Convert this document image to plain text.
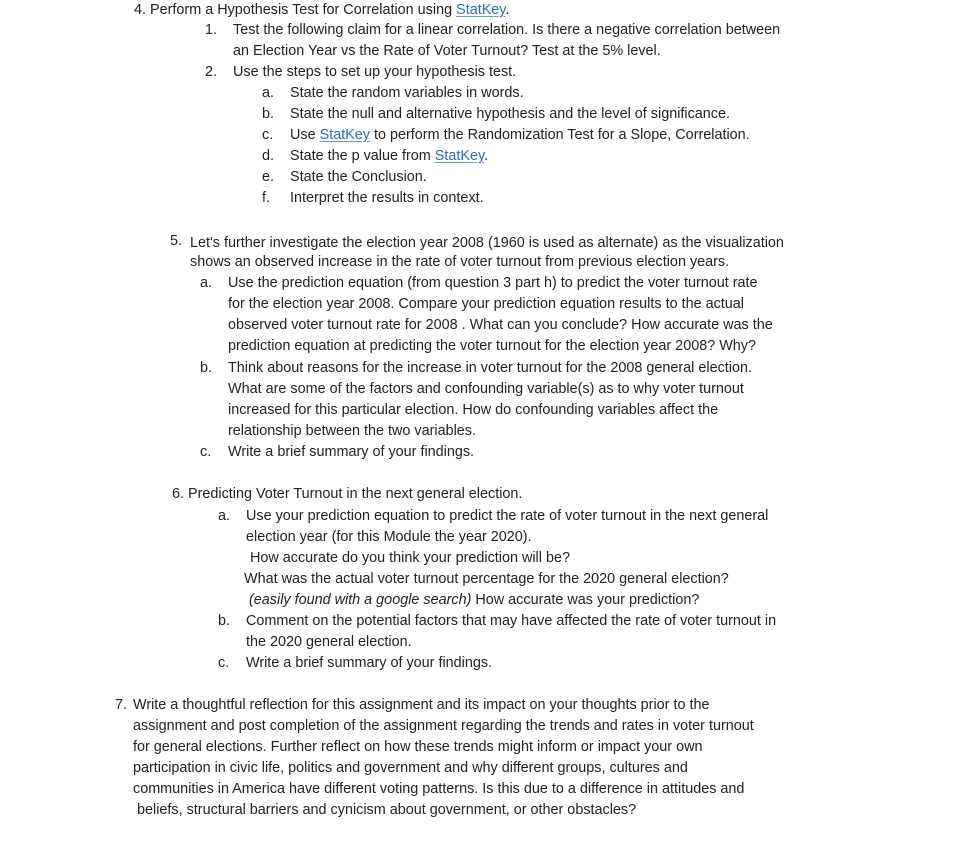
4. Perform a Hypothesis Test for Correlation using StatKey.
1. Test the following claim for a linear correlation. Is there a negative correlation between
an Election Year vs the Rate of Voter Turnout? Test at the 5% level.
2. Use the steps to set up your hypothesis test.
a. State the random variables in words.
b. State the null and alternative hypothesis and the level of significance.
c. Use StatKey to perform the Randomization Test for a Slope, Correlation.
d. State the p value from StatKey.
e. State the Conclusion.
f. Interpret the results in context.
5. Let's further investigate the election year 2008 (1960 is used as alternate) as the visualization
shows an observed increase in the rate of voter turnout from previous election years.
a. Use the prediction equation (from question 3 part h) to predict the voter turnout rate
for the election year 2008. Compare your prediction equation results to the actual
observed voter turnout rate for 2008 . What can you conclude? How accurate was the
prediction equation at predicting the voter turnout for the election year 2008? Why?
b. Think about reasons for the increase in voter turnout for the 2008 general election.
What are some of the factors and confounding variable(s) as to why voter turnout
increased for this particular election. How do confounding variables affect the
relationship between the two variables.
c. Write a brief summary of your findings.
6. Predicting Voter Turnout in the next general election.
a. Use your prediction equation to predict the rate of voter turnout in the next general
election year (for this Module the year 2020).
How accurate do you think your prediction will be?
What was the actual voter turnout percentage for the 2020 general election?
(easily found with a google search) How accurate was your prediction?
b. Comment on the potential factors that may have affected the rate of voter turnout in
the 2020 general election.
c. Write a brief summary of your findings.
7. Write a thoughtful reflection for this assignment and its impact on your thoughts prior to the
assignment and post completion of the assignment regarding the trends and rates in voter turnout
for general elections. Further reflect on how these trends might inform or impact your own
participation in civic life, politics and government and why different groups, cultures and
communities in America have different voting patterns. Is this due to a difference in attitudes and
beliefs, structural barriers and cynicism about government, or other obstacles?
